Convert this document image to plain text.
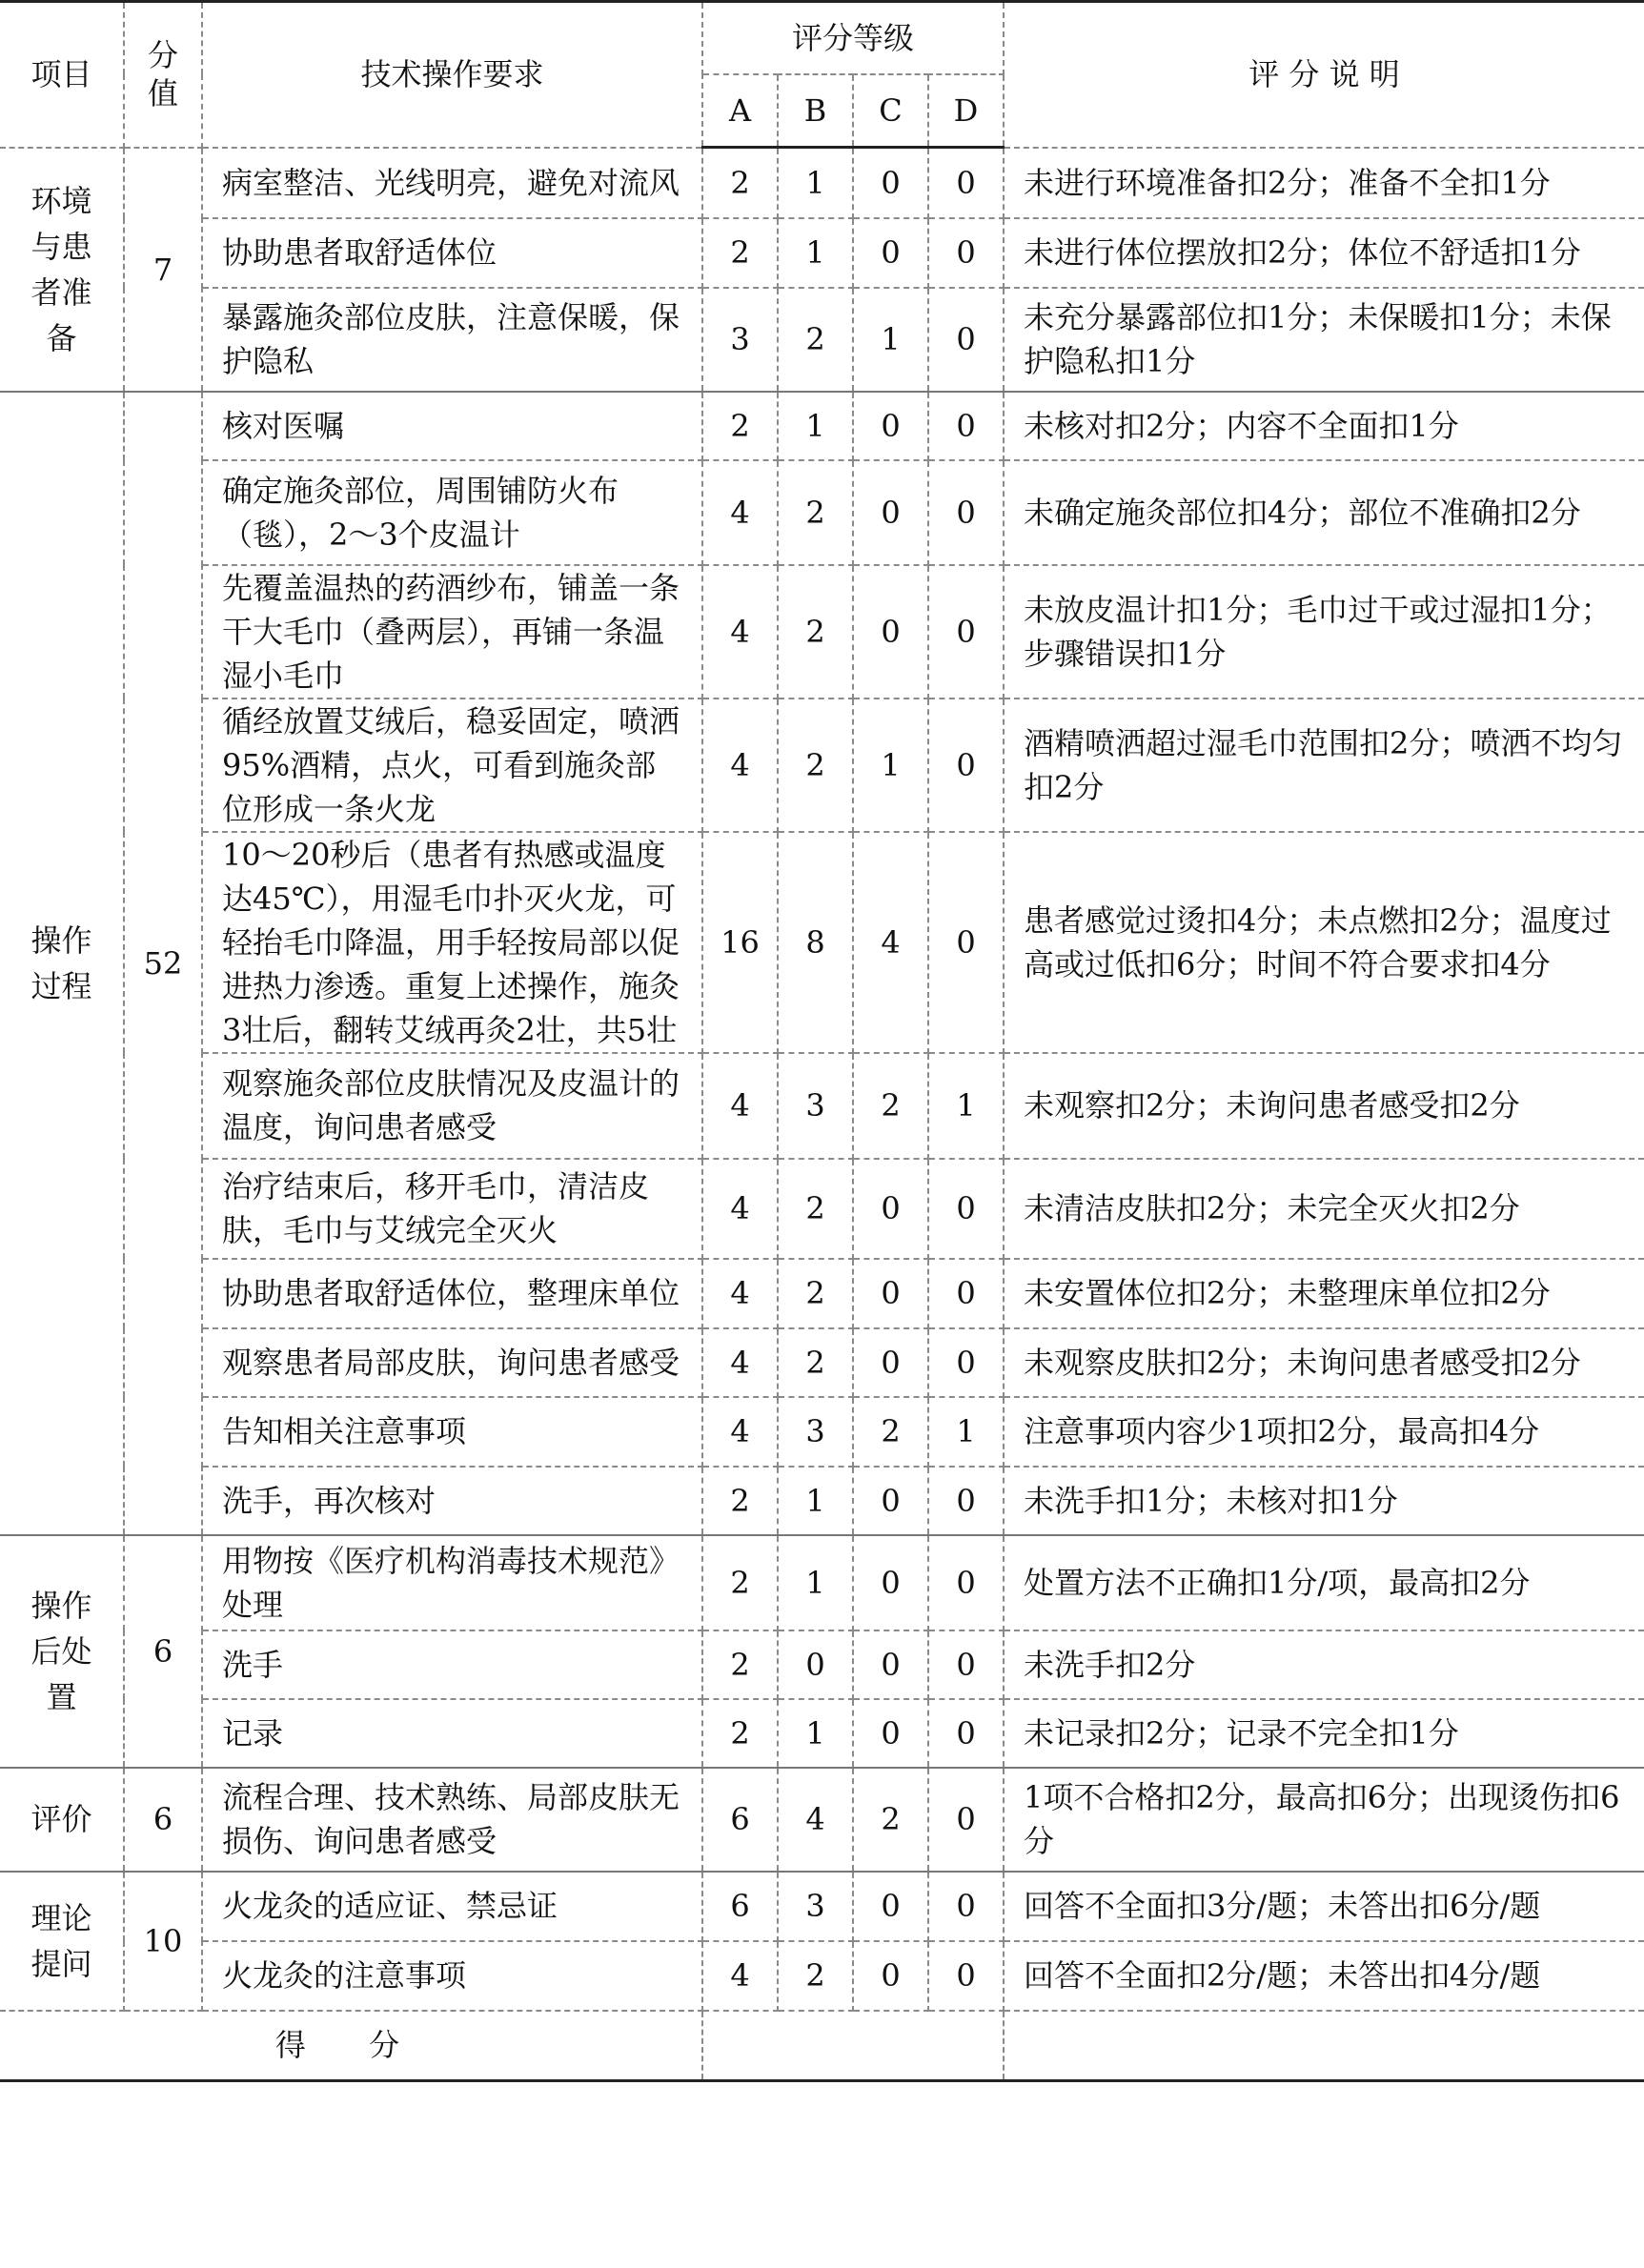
项目	分值	技术操作要求	评分等级				评 分 说 明
			A	B	C	D	
环境与患者准备	7	病室整洁、光线明亮，避免对流风	2	1	0	0	未进行环境准备扣2分；准备不全扣1分
		协助患者取舒适体位	2	1	0	0	未进行体位摆放扣2分；体位不舒适扣1分
		暴露施灸部位皮肤，注意保暖，保护隐私	3	2	1	0	未充分暴露部位扣1分；未保暖扣1分；未保护隐私扣1分
操作过程	52	核对医嘱	2	1	0	0	未核对扣2分；内容不全面扣1分
		确定施灸部位，周围铺防火布（毯），2～3个皮温计	4	2	0	0	未确定施灸部位扣4分；部位不准确扣2分
		先覆盖温热的药酒纱布，铺盖一条干大毛巾（叠两层），再铺一条温湿小毛巾	4	2	0	0	未放皮温计扣1分；毛巾过干或过湿扣1分；步骤错误扣1分
		循经放置艾绒后，稳妥固定，喷洒95%酒精，点火，可看到施灸部位形成一条火龙	4	2	1	0	酒精喷洒超过湿毛巾范围扣2分；喷洒不均匀扣2分
		10～20秒后（患者有热感或温度达45℃），用湿毛巾扑灭火龙，可轻抬毛巾降温，用手轻按局部以促进热力渗透。重复上述操作，施灸3壮后，翻转艾绒再灸2壮，共5壮	16	8	4	0	患者感觉过烫扣4分；未点燃扣2分；温度过高或过低扣6分；时间不符合要求扣4分
		观察施灸部位皮肤情况及皮温计的温度，询问患者感受	4	3	2	1	未观察扣2分；未询问患者感受扣2分
		治疗结束后，移开毛巾，清洁皮肤，毛巾与艾绒完全灭火	4	2	0	0	未清洁皮肤扣2分；未完全灭火扣2分
		协助患者取舒适体位，整理床单位	4	2	0	0	未安置体位扣2分；未整理床单位扣2分
		观察患者局部皮肤，询问患者感受	4	2	0	0	未观察皮肤扣2分；未询问患者感受扣2分
		告知相关注意事项	4	3	2	1	注意事项内容少1项扣2分，最高扣4分
		洗手，再次核对	2	1	0	0	未洗手扣1分；未核对扣1分
操作后处置	6	用物按《医疗机构消毒技术规范》处理	2	1	0	0	处置方法不正确扣1分/项，最高扣2分
		洗手	2	0	0	0	未洗手扣2分
		记录	2	1	0	0	未记录扣2分；记录不完全扣1分
评价	6	流程合理、技术熟练、局部皮肤无损伤、询问患者感受	6	4	2	0	1项不合格扣2分，最高扣6分；出现烫伤扣6分
理论提问	10	火龙灸的适应证、禁忌证	6	3	0	0	回答不全面扣3分/题；未答出扣6分/题
		火龙灸的注意事项	4	2	0	0	回答不全面扣2分/题；未答出扣4分/题
得 分							
